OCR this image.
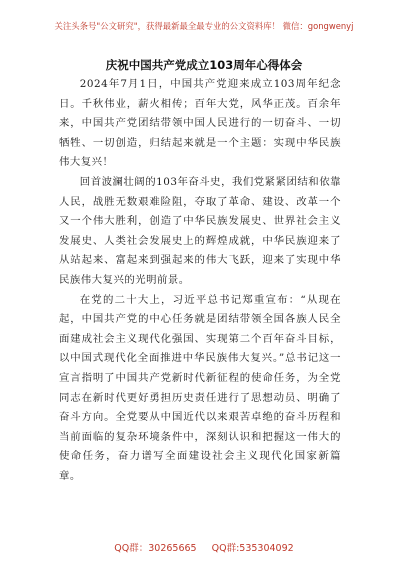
关注头条号"公文研究"，获得最新最全最专业的公文资料库！ 微信：gongwenyj
庆祝中国共产党成立103周年心得体会

2024年7月1日，中国共产党迎来成立103周年纪念日。千秋伟业，薪火相传；百年大党，风华正茂。百余年来，中国共产党团结带领中国人民进行的一切奋斗、一切牺牲、一切创造，归结起来就是一个主题：实现中华民族伟大复兴！

回首波澜壮阔的103年奋斗史，我们党紧紧团结和依靠人民，战胜无数艰难险阻，夺取了革命、建设、改革一个又一个伟大胜利，创造了中华民族发展史、世界社会主义发展史、人类社会发展史上的辉煌成就，中华民族迎来了从站起来、富起来到强起来的伟大飞跃，迎来了实现中华民族伟大复兴的光明前景。

在党的二十大上，习近平总书记郑重宣布：“从现在起，中国共产党的中心任务就是团结带领全国各族人民全面建成社会主义现代化强国、实现第二个百年奋斗目标，以中国式现代化全面推进中华民族伟大复兴。”总书记这一宣言指明了中国共产党新时代新征程的使命任务，为全党同志在新时代更好勇担历史责任进行了思想动员、明确了奋斗方向。全党要从中国近代以来艰苦卓绝的奋斗历程和当前面临的复杂环境条件中，深刻认识和把握这一伟大的使命任务，奋力谱写全面建设社会主义现代化国家新篇章。

QQ群：30265665 QQ群:535304092
